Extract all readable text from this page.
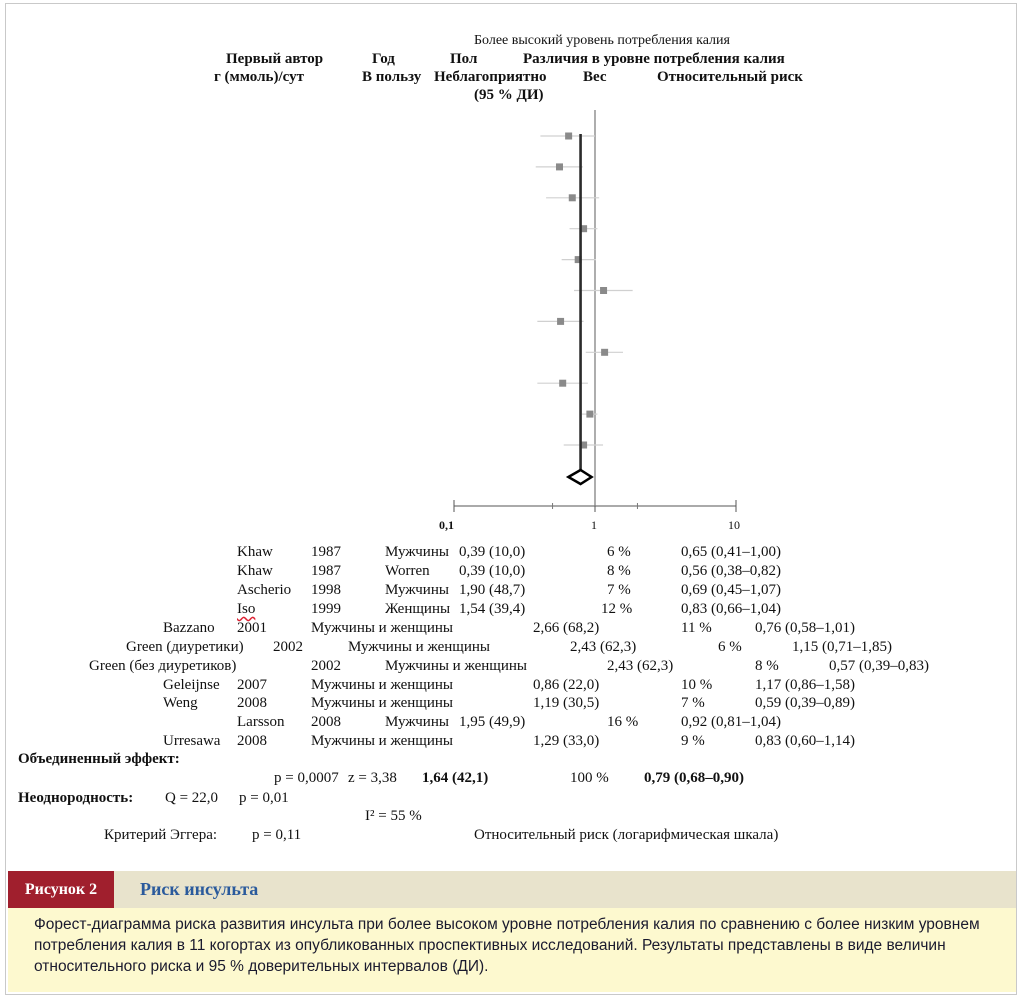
Более высокий уровень потребления калия
Первый автор	Год	Пол	Различия в уровне потребления калия
г (ммоль)/сут	В пользу Неблагоприятно Вес	Относительный риск
(95 % ДИ)
0,1	1	10
Khaw	1987	Мужчины 0,39 (10,0)	6 %	0,65 (0,41–1,00)
Khaw	1987	Worren 0,39 (10,0)	8 %	0,56 (0,38–0,82)
Ascherio 1998	Мужчины 1,90 (48,7)	7 %	0,69 (0,45–1,07)
Iso	1999	Женщины 1,54 (39,4)	12 %	0,83 (0,66–1,04)
Bazzano 2001	Мужчины и женщины	2,66 (68,2)	11 %	0,76 (0,58–1,01)
Green (диуретики) 2002	Мужчины и женщины	2,43 (62,3)	6 %	1,15 (0,71–1,85)
Green (без диуретиков)	2002	Мужчины и женщины	2,43 (62,3)	8 %	0,57 (0,39–0,83)
Geleijnse 2007	Мужчины и женщины	0,86 (22,0)	10 %	1,17 (0,86–1,58)
Weng	2008	Мужчины и женщины	1,19 (30,5)	7 %	0,59 (0,39–0,89)
Larsson 2008	Мужчины 1,95 (49,9)	16 %	0,92 (0,81–1,04)
Urresawa 2008	Мужчины и женщины	1,29 (33,0)	9 %	0,83 (0,60–1,14)
Объединенный эффект:
p = 0,0007 z = 3,38 1,64 (42,1)	100 % 0,79 (0,68–0,90)
Неоднородность: Q = 22,0 p = 0,01
I² = 55 %
Критерий Эггера: p = 0,11	Относительный риск (логарифмическая шкала)
Рисунок 2	Риск инсульта
Форест-диаграмма риска развития инсульта при более высоком уровне потребления калия по сравнению с более низким уровнем потребления калия в 11 когортах из опубликованных проспективных исследований. Результаты представлены в виде величин относительного риска и 95 % доверительных интервалов (ДИ).
